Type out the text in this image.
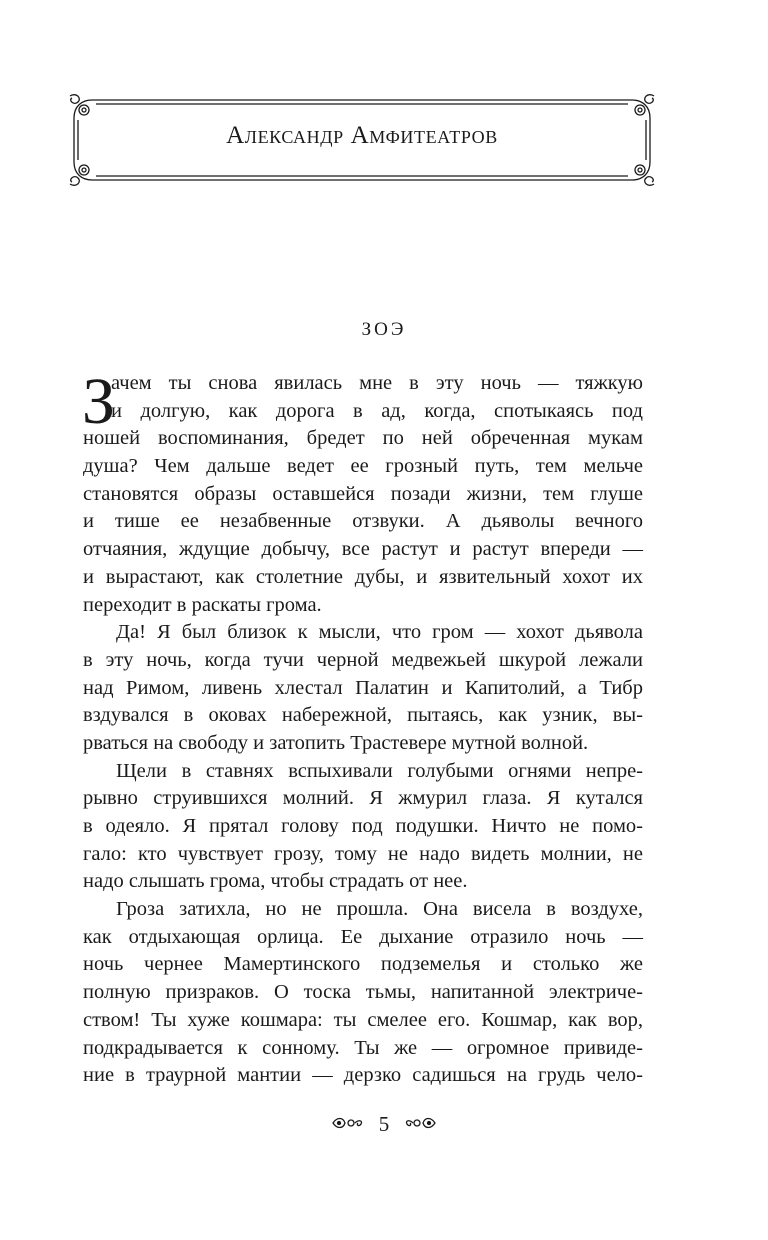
Александр Амфитеатров
зоэ
З
ачем ты снова явилась мне в эту ночь — тяжкую
и долгую, как дорога в ад, когда, спотыкаясь под
ношей воспоминания, бредет по ней обреченная мукам
душа? Чем дальше ведет ее грозный путь, тем мельче
становятся образы оставшейся позади жизни, тем глуше
и тише ее незабвенные отзвуки. А дьяволы вечного
отчаяния, ждущие добычу, все растут и растут впереди —
и вырастают, как столетние дубы, и язвительный хохот их
переходит в раскаты грома.
Да! Я был близок к мысли, что гром — хохот дьявола
в эту ночь, когда тучи черной медвежьей шкурой лежали
над Римом, ливень хлестал Палатин и Капитолий, а Тибр
вздувался в оковах набережной, пытаясь, как узник, вы-
рваться на свободу и затопить Трастевере мутной волной.
Щели в ставнях вспыхивали голубыми огнями непре-
рывно струившихся молний. Я жмурил глаза. Я кутался
в одеяло. Я прятал голову под подушки. Ничто не помо-
гало: кто чувствует грозу, тому не надо видеть молнии, не
надо слышать грома, чтобы страдать от нее.
Гроза затихла, но не прошла. Она висела в воздухе,
как отдыхающая орлица. Ее дыхание отразило ночь —
ночь чернее Мамертинского подземелья и столько же
полную призраков. О тоска тьмы, напитанной электриче-
ством! Ты хуже кошмара: ты смелее его. Кошмар, как вор,
подкрадывается к сонному. Ты же — огромное привиде-
ние в траурной мантии — дерзко садишься на грудь чело-
5
